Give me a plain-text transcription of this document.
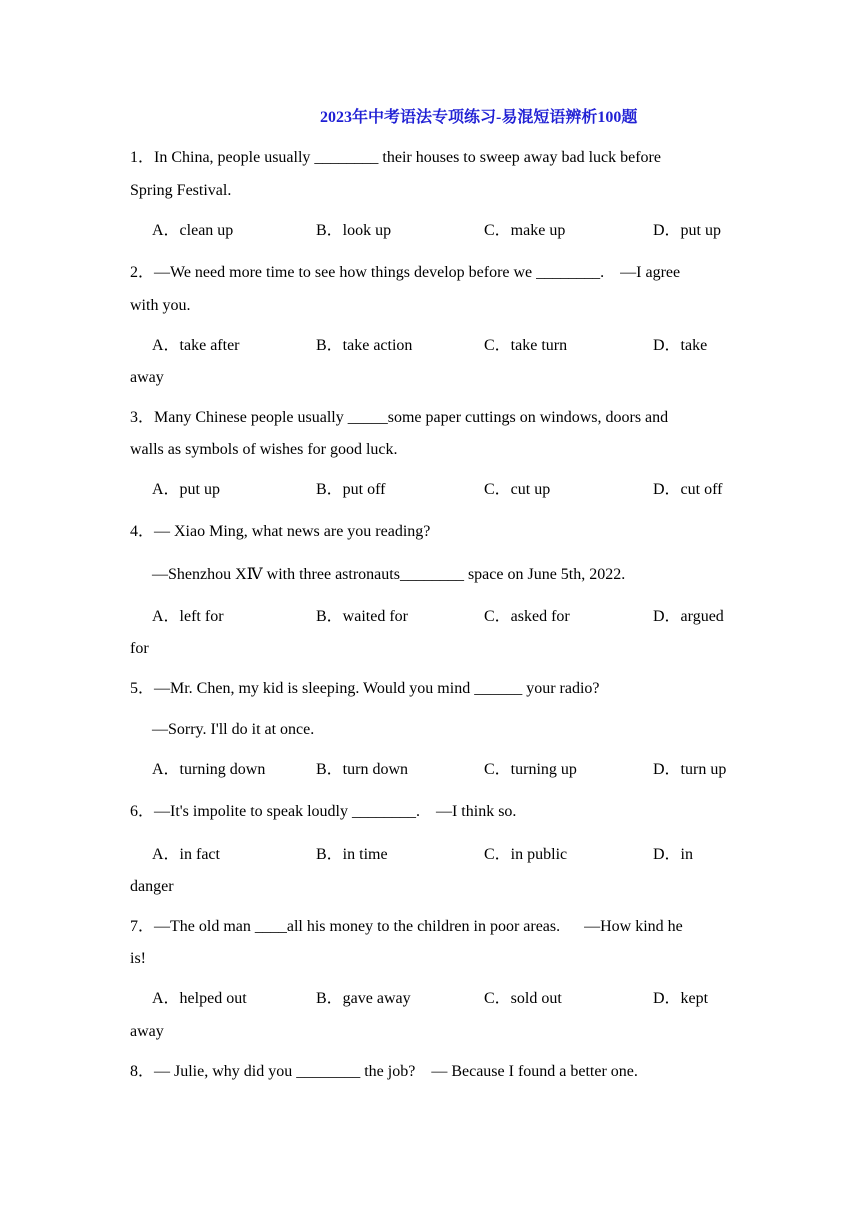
2023年中考语法专项练习-易混短语辨析100题
1．In China, people usually ________ their houses to sweep away bad luck before
Spring Festival.
A．clean up	B．look up	C．make up	D．put up
2．—We need more time to see how things develop before we ________.    —I agree
with you.
A．take after	B．take action	C．take turn	D．take
away
3．Many Chinese people usually _____some paper cuttings on windows, doors and
walls as symbols of wishes for good luck.
A．put up	B．put off	C．cut up	D．cut off
4．— Xiao Ming, what news are you reading?
—Shenzhou XⅣ with three astronauts________ space on June 5th, 2022.
A．left for	B．waited for	C．asked for	D．argued
for
5．—Mr. Chen, my kid is sleeping. Would you mind ______ your radio?
—Sorry. I'll do it at once.
A．turning down	B．turn down	C．turning up	D．turn up
6．—It's impolite to speak loudly ________.    —I think so.
A．in fact	B．in time	C．in public	D．in
danger
7．—The old man ____all his money to the children in poor areas.      —How kind he
is!
A．helped out	B．gave away	C．sold out	D．kept
away
8．— Julie, why did you ________ the job?    — Because I found a better one.
